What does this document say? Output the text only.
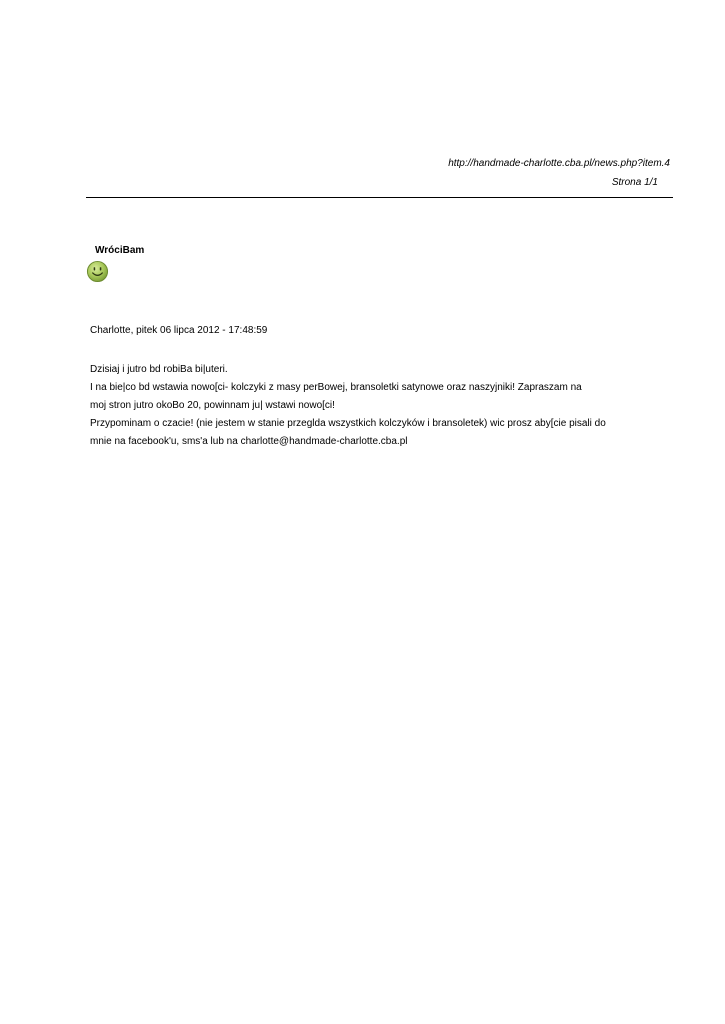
http://handmade-charlotte.cba.pl/news.php?item.4
Strona 1/1
WróciBam
Charlotte, pitek 06 lipca 2012 - 17:48:59
Dzisiaj i jutro bd robiBa bi|uteri.
I na bie|co bd wstawia nowo[ci- kolczyki z masy perBowej, bransoletki satynowe oraz naszyjniki! Zapraszam na
moj stron jutro okoBo 20, powinnam ju| wstawi nowo[ci!
Przypominam o czacie! (nie jestem w stanie przeglda wszystkich kolczyków i bransoletek) wic prosz aby[cie pisali do
mnie na facebook'u, sms'a lub na charlotte@handmade-charlotte.cba.pl
